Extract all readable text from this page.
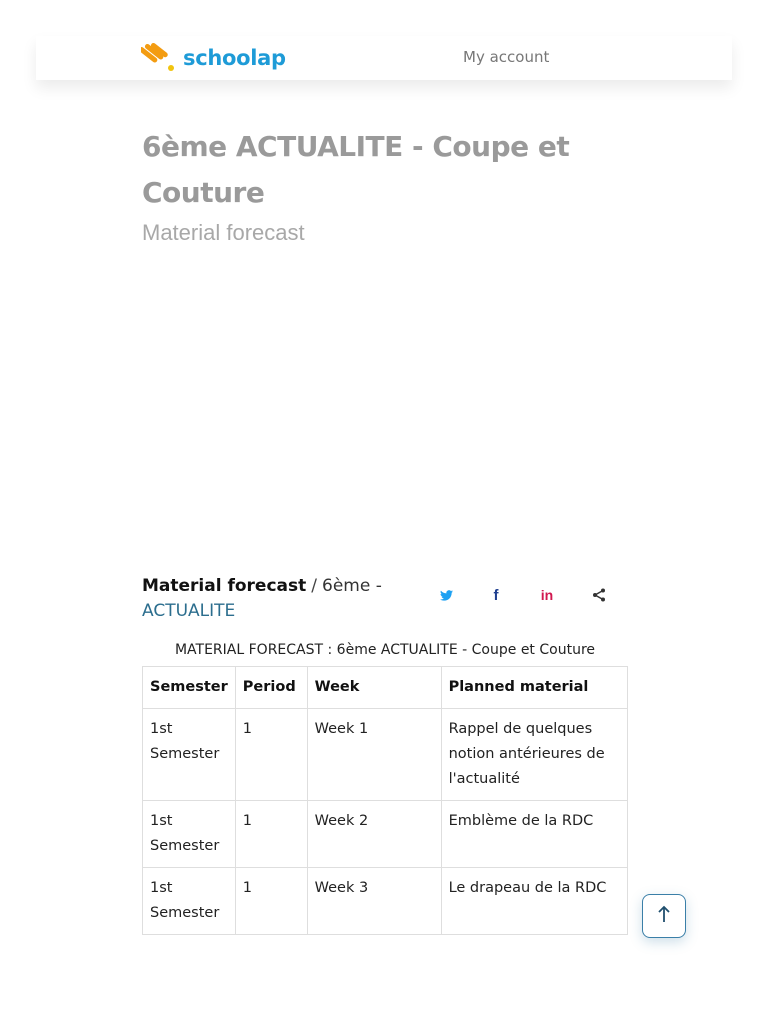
schoolap	My account
6ème ACTUALITE - Coupe et Couture
Material forecast
Material forecast / 6ème -
ACTUALITE
f	in
MATERIAL FORECAST : 6ème ACTUALITE - Coupe et Couture
Semester	Period	Week	Planned material
1st Semester	1	Week 1	Rappel de quelques notion antérieures de l'actualité
1st Semester	1	Week 2	Emblème de la RDC
1st Semester	1	Week 3	Le drapeau de la RDC
